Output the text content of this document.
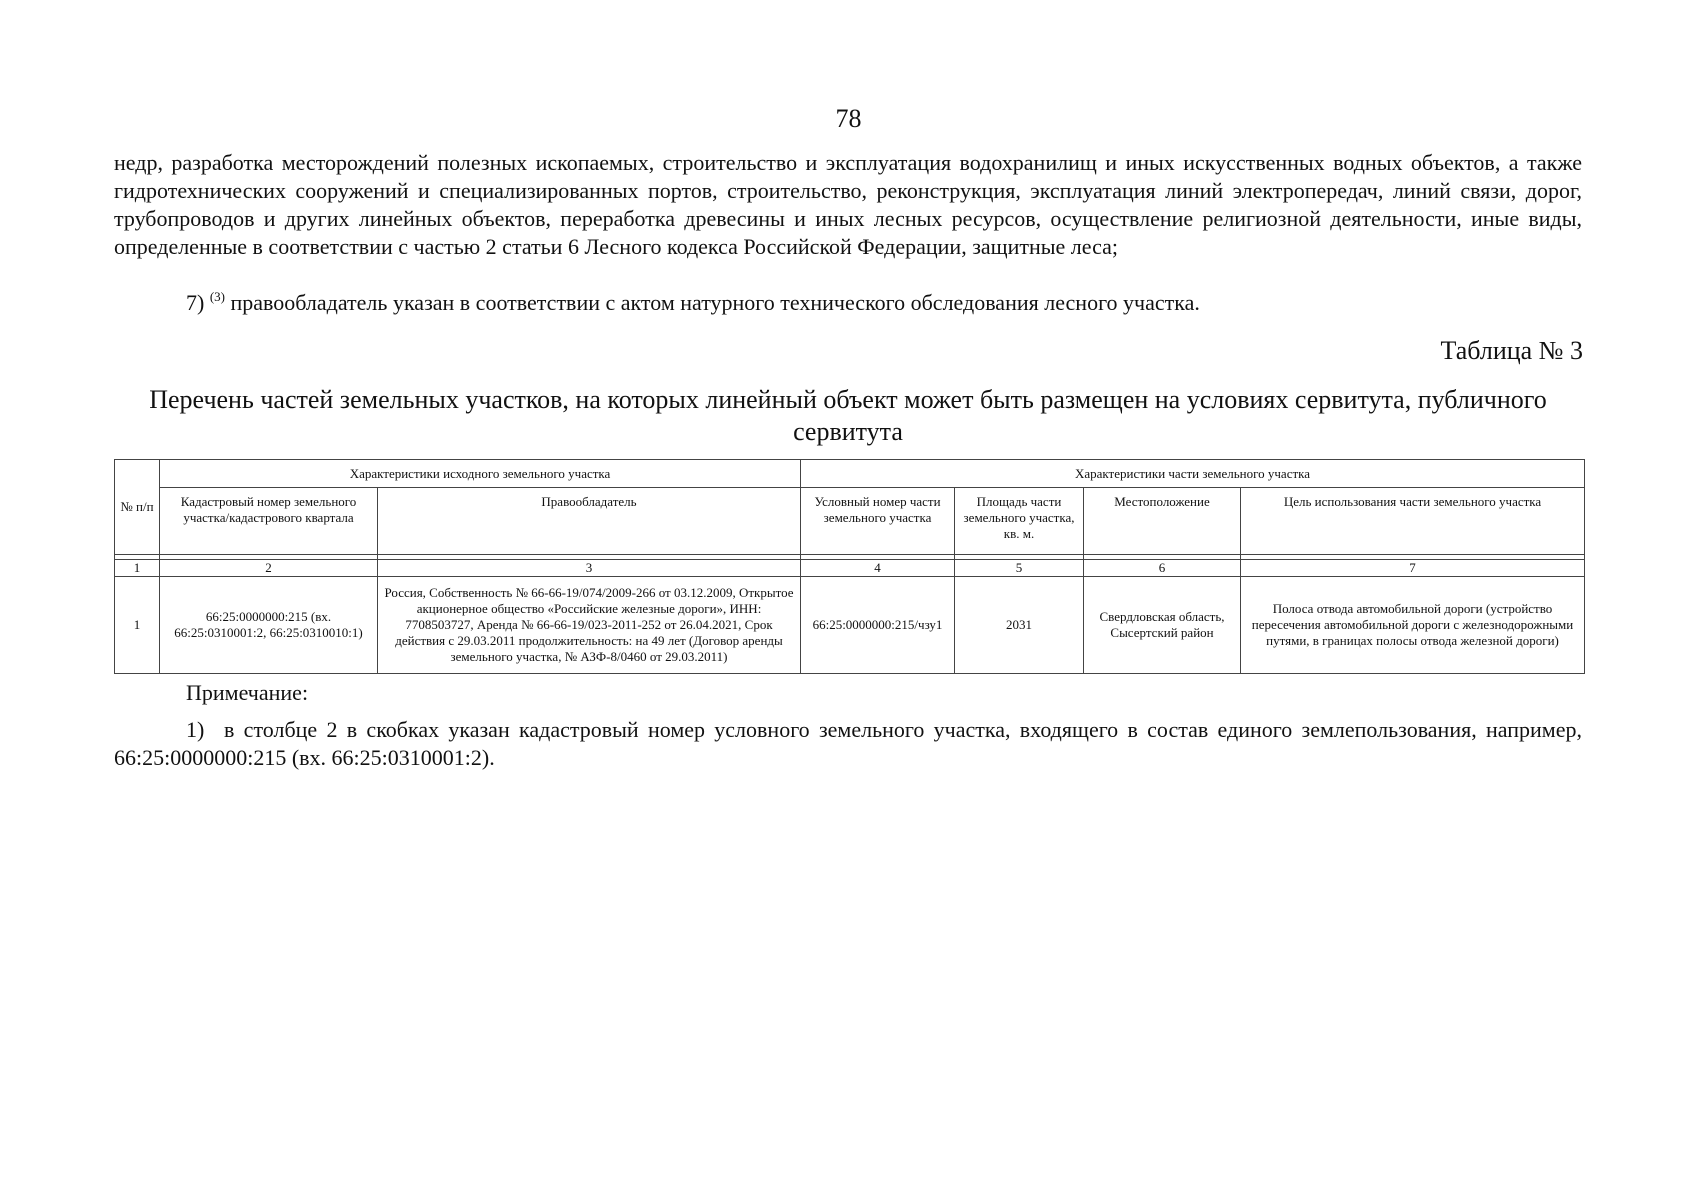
78
недр, разработка месторождений полезных ископаемых, строительство и эксплуатация водохранилищ и иных искусственных водных объектов, а также гидротехнических сооружений и специализированных портов, строительство, реконструкция, эксплуатация линий электропередач, линий связи, дорог, трубопроводов и других линейных объектов, переработка древесины и иных лесных ресурсов, осуществление религиозной деятельности, иные виды, определенные в соответствии с частью 2 статьи 6 Лесного кодекса Российской Федерации, защитные леса;
7) $^{(3)}$ правообладатель указан в соответствии с актом натурного технического обследования лесного участка.
Таблица № 3
Перечень частей земельных участков, на которых линейный объект может быть размещен на условиях сервитута, публичного сервитута
№ п/п	Характеристики исходного земельного участка		Характеристики части земельного участка			
	Кадастровый номер земельного участка/кадастрового квартала	Правообладатель	Условный номер части земельного участка	Площадь части земельного участка, кв. м.	Местоположение	Цель использования части земельного участка

1	2	3	4	5	6	7
1	66:25:0000000:215 (вх. 66:25:0310001:2, 66:25:0310010:1)	Россия, Собственность № 66-66-19/074/2009-266 от 03.12.2009, Открытое акционерное общество «Российские железные дороги», ИНН: 7708503727, Аренда № 66-66-19/023-2011-252 от 26.04.2021, Срок действия с 29.03.2011 продолжительность: на 49 лет (Договор аренды земельного участка, № АЗФ-8/0460 от 29.03.2011)	66:25:0000000:215/чзу1	2031	Свердловская область, Сысертский район	Полоса отвода автомобильной дороги (устройство пересечения автомобильной дороги с железнодорожными путями, в границах полосы отвода железной дороги)
Примечание:
1) в столбце 2 в скобках указан кадастровый номер условного земельного участка, входящего в состав единого землепользования, например, 66:25:0000000:215 (вх. 66:25:0310001:2).
